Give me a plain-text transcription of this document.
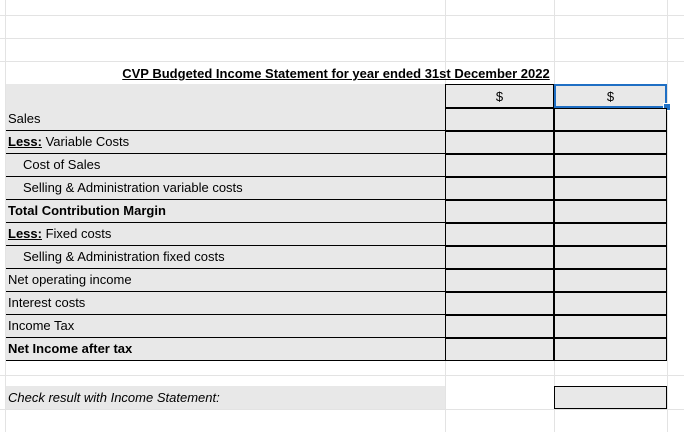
CVP Budgeted Income Statement for year ended 31st December 2022
$	$
Sales
Less: Variable Costs
Cost of Sales
Selling & Administration variable costs
Total Contribution Margin
Less: Fixed costs
Selling & Administration fixed costs
Net operating income
Interest costs
Income Tax
Net Income after tax
Check result with Income Statement:
